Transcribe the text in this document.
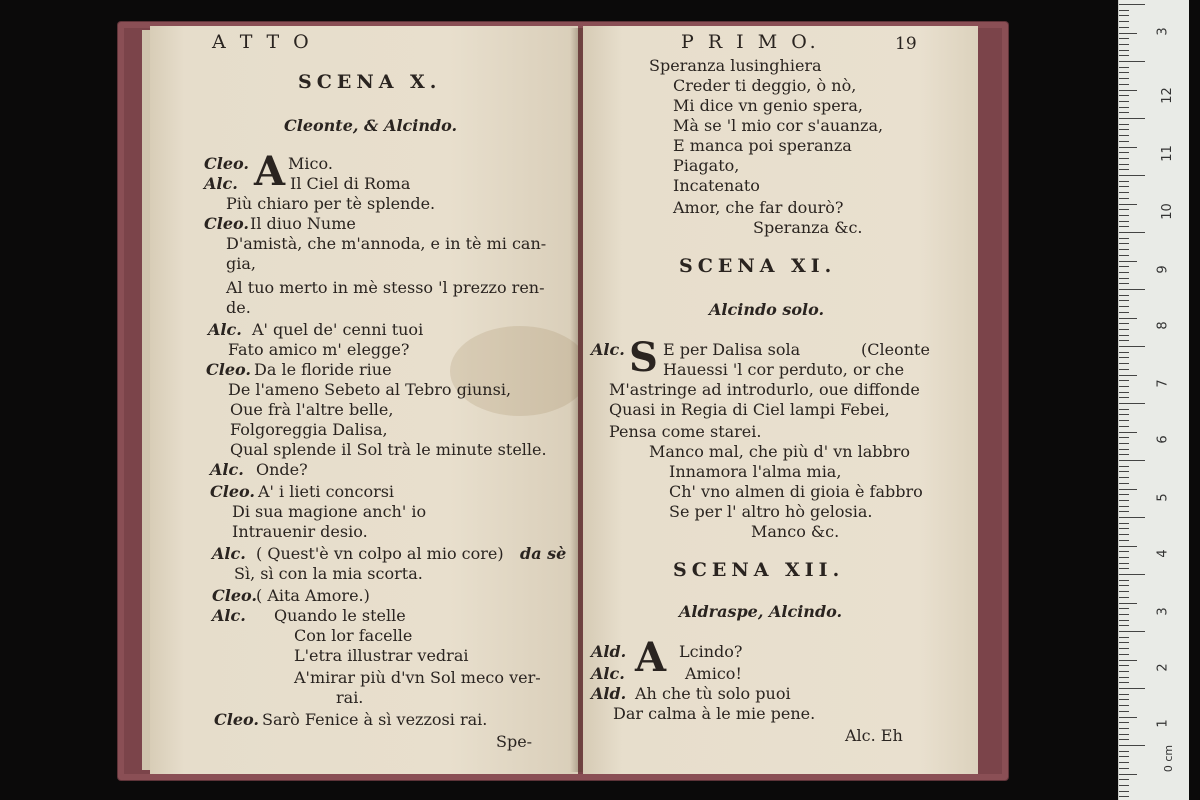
A T T O
SCENA X.
Cleonte, & Alcindo.
A
Cleo. Mico.
Alc.	Il Ciel di Roma
Più chiaro per tè splende.
Cleo. Il diuo Nume
D'amistà, che m'annoda, e in tè mi can-
gia,
Al tuo merto in mè stesso 'l prezzo ren-
de.
Alc. A' quel de' cenni tuoi
Fato amico m' elegge?
Cleo. Da le floride riue
De l'ameno Sebeto al Tebro giunsi,
Oue frà l'altre belle,
Folgoreggia Dalisa,
Qual splende il Sol trà le minute stelle.
Alc. Onde?
Cleo. A' i lieti concorsi
Di sua magione anch' io
Intrauenir desio.
Alc. ( Quest'è vn colpo al mio core) da sè
Sì, sì con la mia scorta.
Cleo. ( Aita Amore.)
Alc. Quando le stelle
Con lor facelle
L'etra illustrar vedrai
A'mirar più d'vn Sol meco ver-
rai.
Cleo. Sarò Fenice à sì vezzosi rai.
Spe-
P R I M O.	19
Speranza lusinghiera
Creder ti deggio, ò nò,
Mi dice vn genio spera,
Mà se 'l mio cor s'auanza,
E manca poi speranza
Piagato,
Incatenato
Amor, che far dourò?
Speranza &c.
SCENA XI.
Alcindo solo.
Alc. S E per Dalisa sola	(Cleonte
Hauessi 'l cor perduto, or che
M'astringe ad introdurlo, oue diffonde
Quasi in Regia di Ciel lampi Febei,
Pensa come starei.
Manco mal, che più d' vn labbro
Innamora l'alma mia,
Ch' vno almen di gioia è fabbro
Se per l' altro hò gelosia.
Manco &c.
SCENA XII.
Aldraspe, Alcindo.
A
Ald.	Lcindo?
Alc.	Amico!
Ald. Ah che tù solo puoi
Dar calma à le mie pene.
Alc. Eh
3
12
11
10
9
8
7
6
5
4
3
2
1
0 cm
